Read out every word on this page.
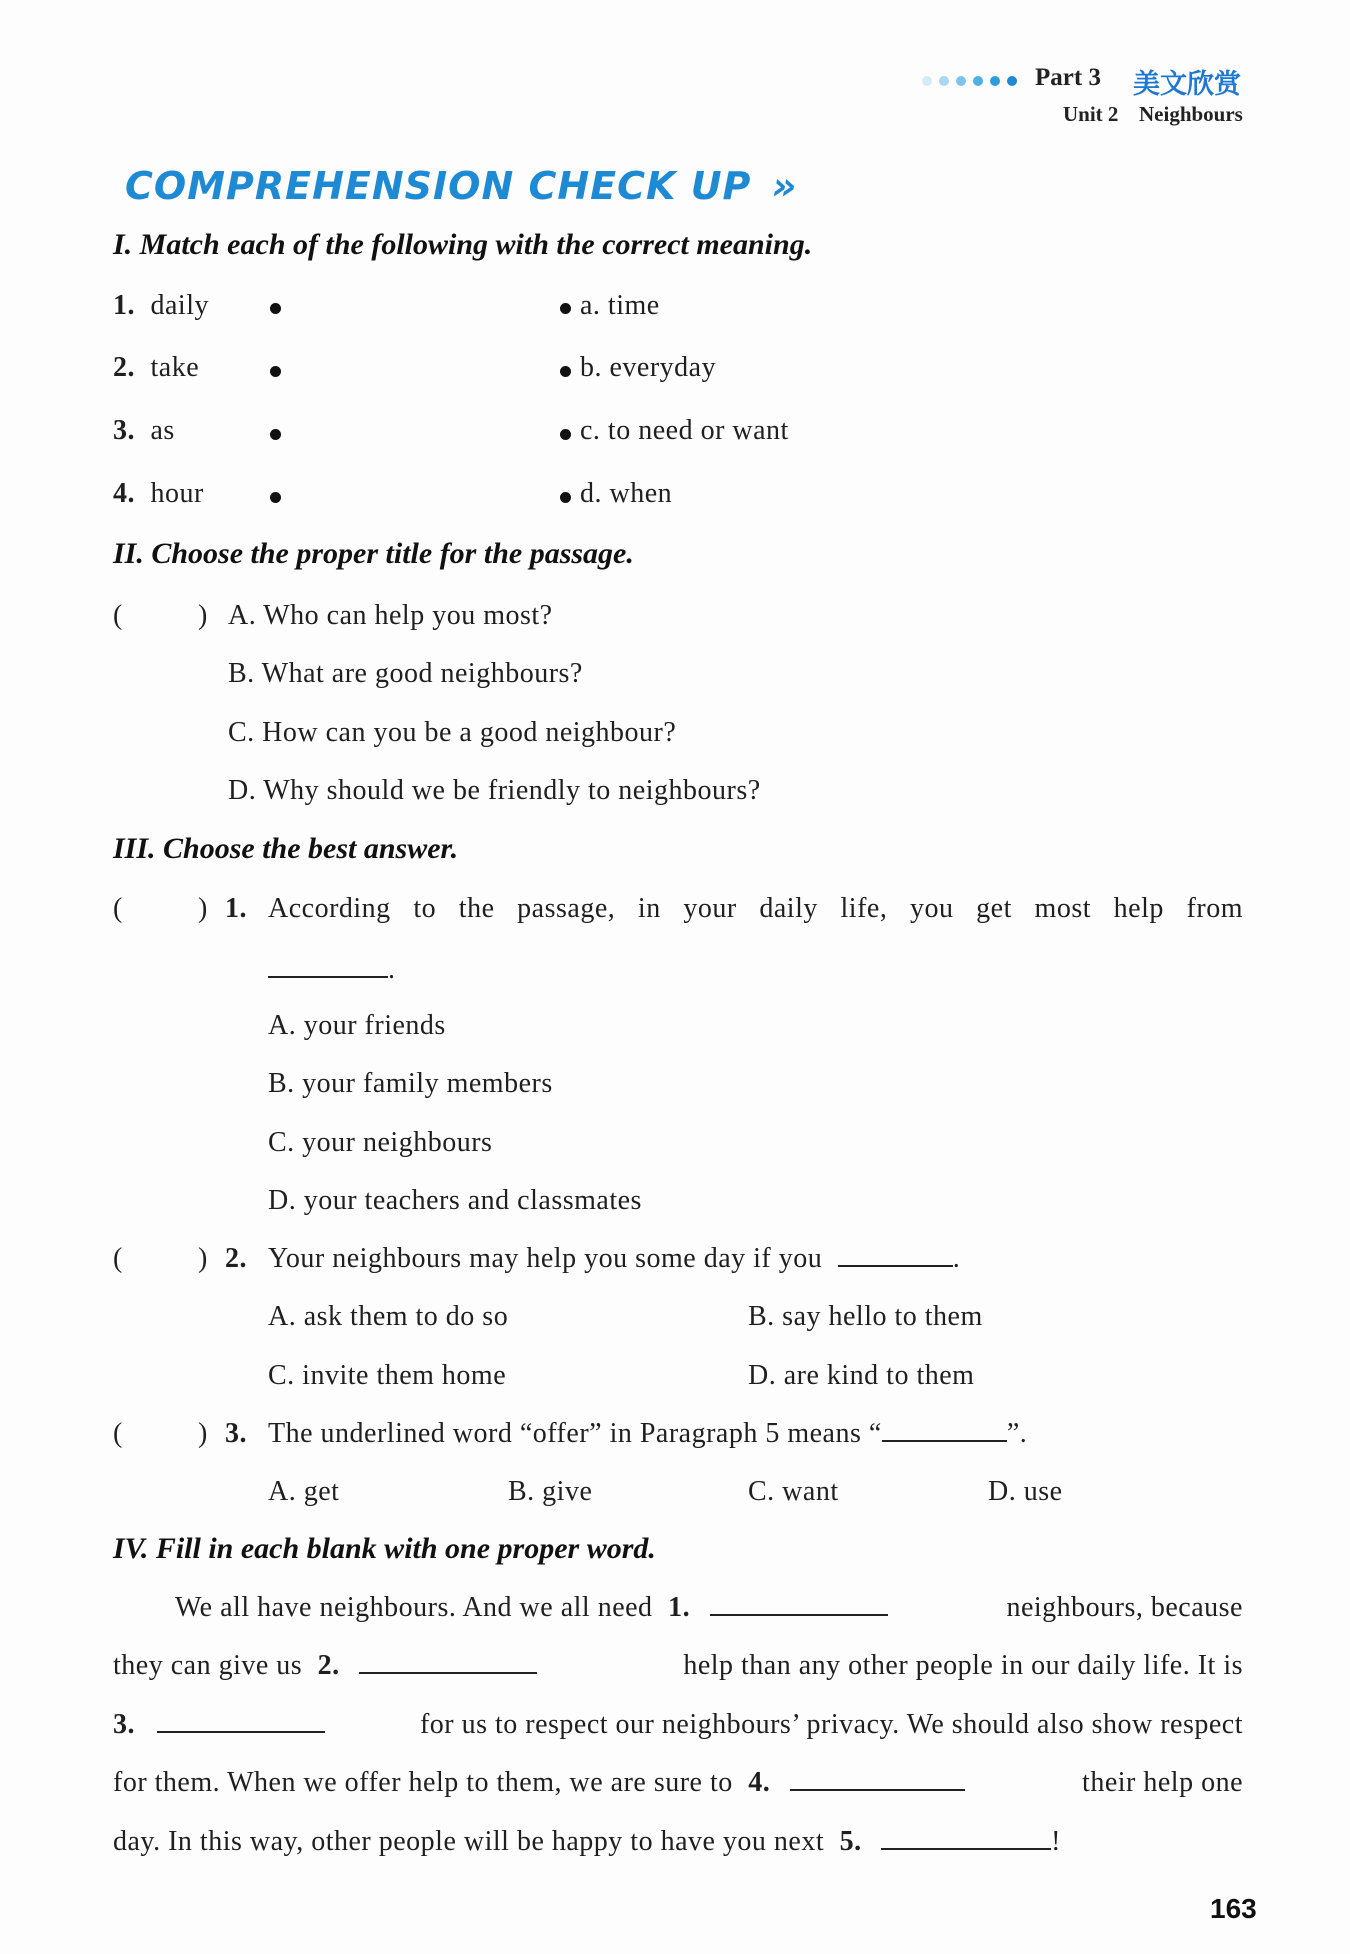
Part 3 美文欣赏
Unit 2 Neighbours
COMPREHENSION CHECK UP »
I. Match each of the following with the correct meaning.
1. daily	a. time
2. take	b. everyday
3. as	c. to need or want
4. hour	d. when
II. Choose the proper title for the passage.
(	) A. Who can help you most?
B. What are good neighbours?
C. How can you be a good neighbour?
D. Why should we be friendly to neighbours?
III. Choose the best answer.
(	) 1. According to the passage, in your daily life, you get most help from
.
A. your friends
B. your family members
C. your neighbours
D. your teachers and classmates
(	) 2. Your neighbours may help you some day if you	.
A. ask them to do so	B. say hello to them
C. invite them home	D. are kind to them
(	) 3. The underlined word “offer” in Paragraph 5 means “	”.
A. get	B. give	C. want	D. use
IV. Fill in each blank with one proper word.
We all have neighbours. And we all need 1.	neighbours, because
they can give us 2.	help than any other people in our daily life. It is
3.	for us to respect our neighbours’ privacy. We should also show respect
for them. When we offer help to them, we are sure to 4.	their help one
day. In this way, other people will be happy to have you next 5.	!
163
